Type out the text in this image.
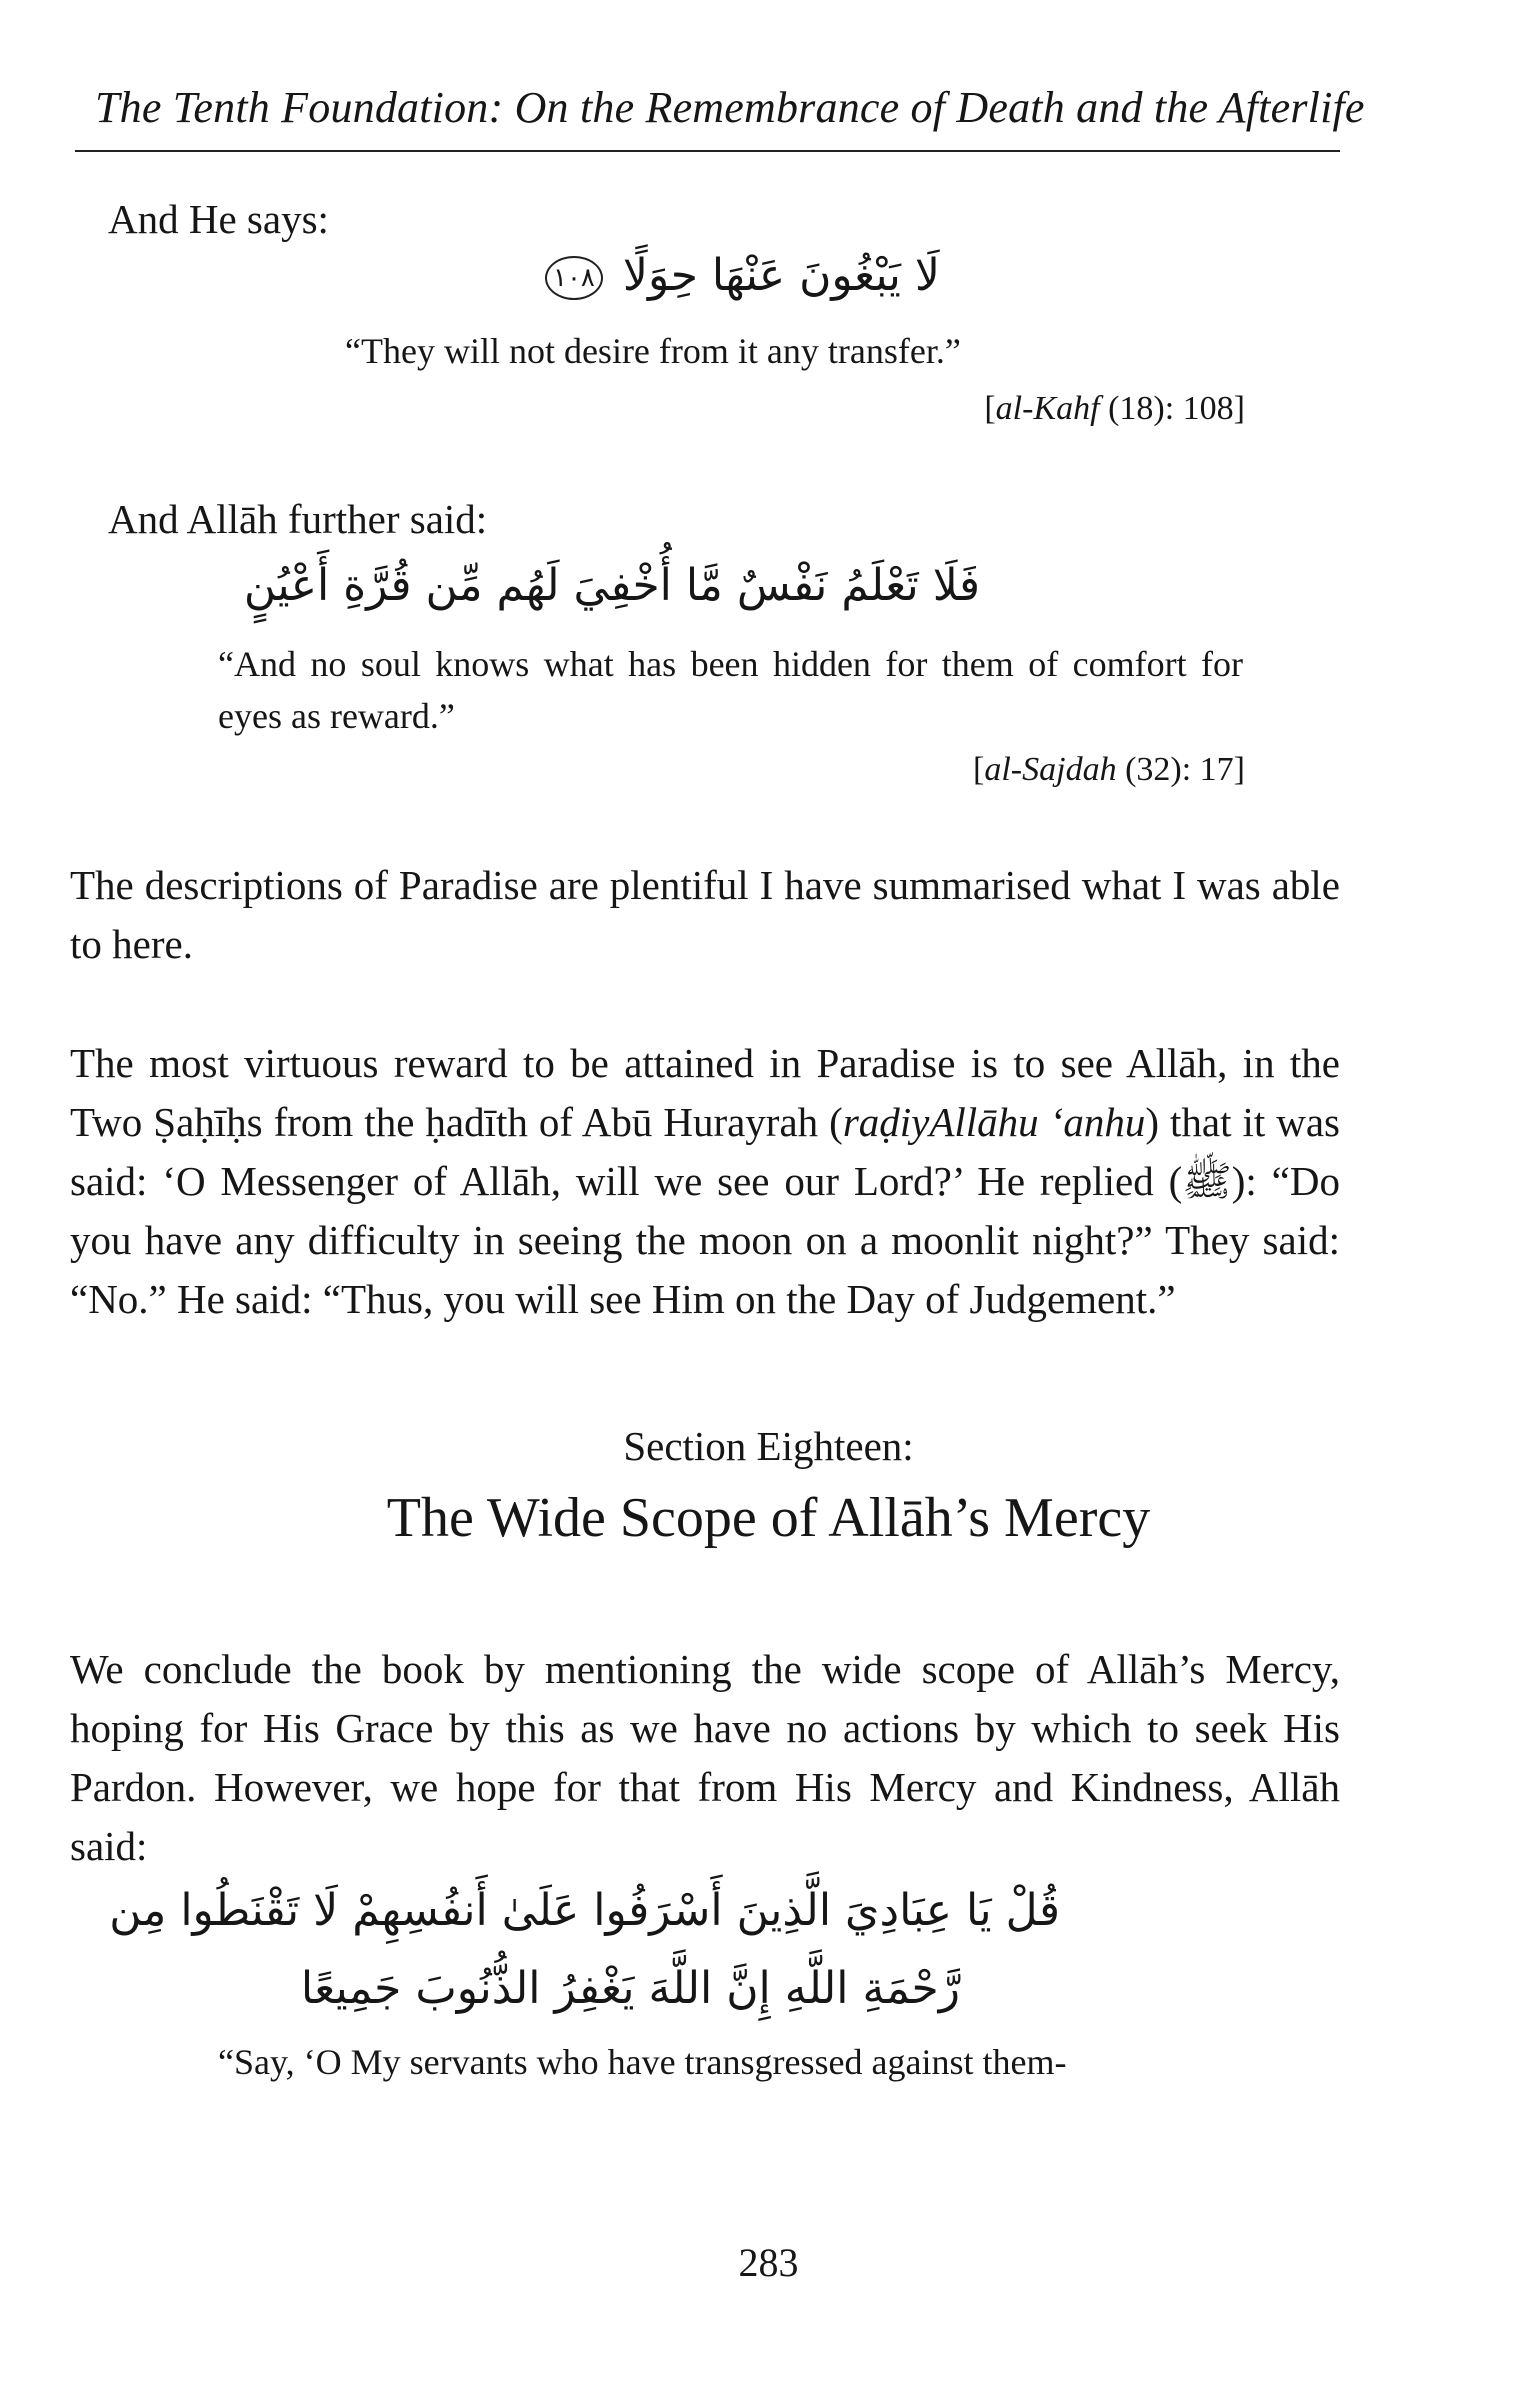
The Tenth Foundation: On the Remembrance of Death and the Afterlife

And He says:

لَا يَبْغُونَ عَنْهَا حِوَلًا ١٠٨

“They will not desire from it any transfer.”

[al-Kahf (18): 108]

And Allāh further said:

فَلَا تَعْلَمُ نَفْسٌ مَّا أُخْفِيَ لَهُم مِّن قُرَّةِ أَعْيُنٍ

“And no soul knows what has been hidden for them of comfort for eyes as reward.”

[al-Sajdah (32): 17]

The descriptions of Paradise are plentiful I have summarised what I was able to here.

The most virtuous reward to be attained in Paradise is to see Allāh, in the Two Ṣaḥīḥs from the ḥadīth of Abū Hurayrah (raḍiyAllāhu ‘anhu) that it was said: ‘O Messenger of Allāh, will we see our Lord?’ He replied (ﷺ): “Do you have any difficulty in seeing the moon on a moonlit night?” They said: “No.” He said: “Thus, you will see Him on the Day of Judgement.”

Section Eighteen:
The Wide Scope of Allāh’s Mercy

We conclude the book by mentioning the wide scope of Allāh’s Mercy, hoping for His Grace by this as we have no actions by which to seek His Pardon. However, we hope for that from His Mercy and Kindness, Allāh said:

قُلْ يَا عِبَادِيَ الَّذِينَ أَسْرَفُوا عَلَىٰ أَنفُسِهِمْ لَا تَقْنَطُوا مِن
رَّحْمَةِ اللَّهِ إِنَّ اللَّهَ يَغْفِرُ الذُّنُوبَ جَمِيعًا

“Say, ‘O My servants who have transgressed against them-

283
